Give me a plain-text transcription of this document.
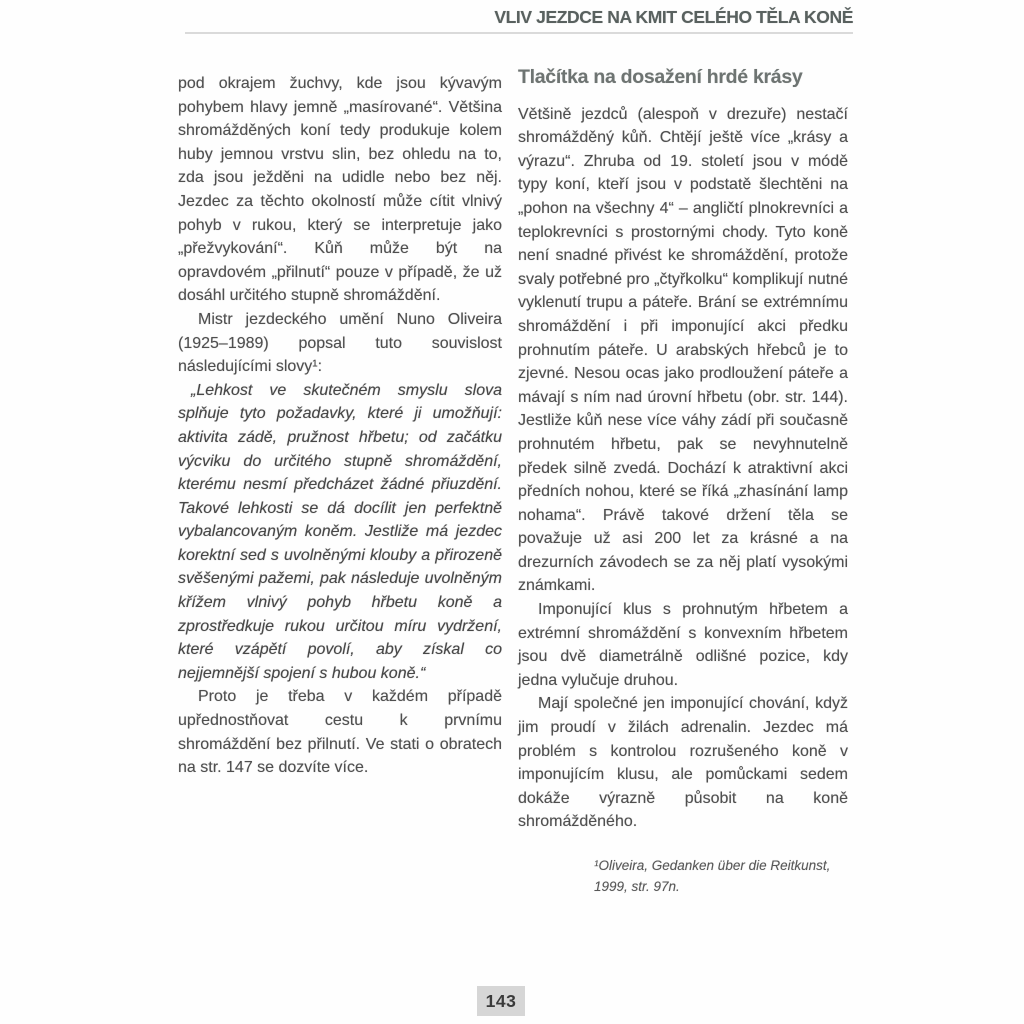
VLIV JEZDCE NA KMIT CELÉHO TĚLA KONĚ

pod okrajem žuchvy, kde jsou kývavým pohybem hlavy jemně „masírované“. Většina shromážděných koní tedy produkuje kolem huby jemnou vrstvu slin, bez ohledu na to, zda jsou ježděni na udidle nebo bez něj. Jezdec za těchto okolností může cítit vlnivý pohyb v rukou, který se interpretuje jako „přežvykování“. Kůň může být na opravdovém „přilnutí“ pouze v případě, že už dosáhl určitého stupně shromáždění.

Mistr jezdeckého umění Nuno Oliveira (1925–1989) popsal tuto souvislost následujícími slovy¹:

„Lehkost ve skutečném smyslu slova splňuje tyto požadavky, které ji umožňují: aktivita zádě, pružnost hřbetu; od začátku výcviku do určitého stupně shromáždění, kterému nesmí předcházet žádné přiuzdění. Takové lehkosti se dá docílit jen perfektně vybalancovaným koněm. Jestliže má jezdec korektní sed s uvolněnými klouby a přirozeně svěšenými pažemi, pak následuje uvolněným křížem vlnivý pohyb hřbetu koně a zprostředkuje rukou určitou míru vydržení, které vzápětí povolí, aby získal co nejjemnější spojení s hubou koně.“

Proto je třeba v každém případě upřednostňovat cestu k prvnímu shromáždění bez přilnutí. Ve stati o obratech na str. 147 se dozvíte více.

Tlačítka na dosažení hrdé krásy

Většině jezdců (alespoň v drezuře) nestačí shromážděný kůň. Chtějí ještě více „krásy a výrazu“. Zhruba od 19. století jsou v módě typy koní, kteří jsou v podstatě šlechtěni na „pohon na všechny 4“ – angličtí plnokrevníci a teplokrevníci s prostornými chody. Tyto koně není snadné přivést ke shromáždění, protože svaly potřebné pro „čtyřkolku“ komplikují nutné vyklenutí trupu a páteře. Brání se extrémnímu shromáždění i při imponující akci předku prohnutím páteře. U arabských hřebců je to zjevné. Nesou ocas jako prodloužení páteře a mávají s ním nad úrovní hřbetu (obr. str. 144). Jestliže kůň nese více váhy zádí při současně prohnutém hřbetu, pak se nevyhnutelně předek silně zvedá. Dochází k atraktivní akci předních nohou, které se říká „zhasínání lamp nohama“. Právě takové držení těla se považuje už asi 200 let za krásné a na drezurních závodech se za něj platí vysokými známkami.

Imponující klus s prohnutým hřbetem a extrémní shromáždění s konvexním hřbetem jsou dvě diametrálně odlišné pozice, kdy jedna vylučuje druhou.

Mají společné jen imponující chování, když jim proudí v žilách adrenalin. Jezdec má problém s kontrolou rozrušeného koně v imponujícím klusu, ale pomůckami sedem dokáže výrazně působit na koně shromážděného.

¹Oliveira, Gedanken über die Reitkunst, 1999, str. 97n.

143
